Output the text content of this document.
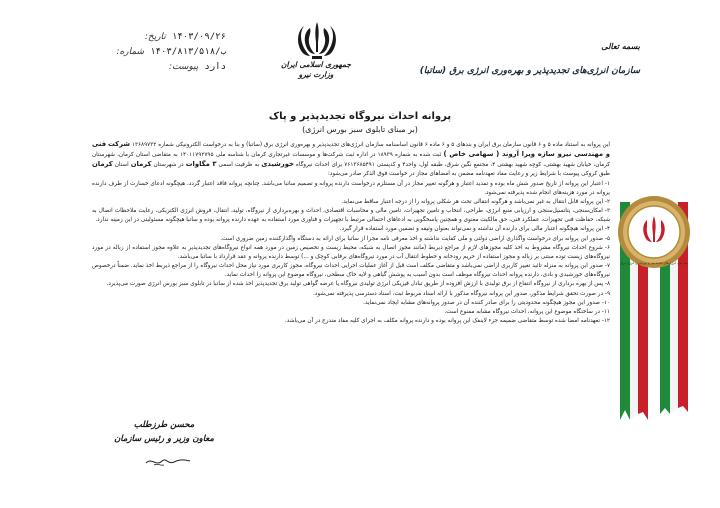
تاریخ: ۱۴۰۳/۰۹/۲۶
شماره: ۱۴۰۳/۸۱۳/ب/۵۱۸
پیوست: دارد	جمهوری اسلامی ایران
وزارت نیرو
بسمه تعالی
سازمان انرژی‌های تجدیدپذیر و بهره‌وری انرژی برق (ساتبا)
پروانه احداث نیروگاه تجدیدپذیر و پاک
(بر مبنای تابلوی سبز بورس انرژی)

این پروانه به استناد ماده ۵ و ۶ قانون سازمان برق ایران و بندهای ۵ و ۶ ماده ۶ قانون اساسنامه سازمان انرژی‌های تجدیدپذیر و بهره‌وری انرژی برق (ساتبا) و بنا به درخواست الکترونیکی شماره ۱۳۶۸۹۷۳۲ شرکت فنی و مهندسی نیرو سازه ویرا آروند ( سهامی خاص ) ثبت شده به شماره ۱۸۹۳۹ در اداره ثبت شرکت‌ها و موسسات غیرتجاری کرمان با شناسه ملی ۱۴۰۱۱۷۹۲۷۹۵ به متقاضی استان کرمان، شهرستان کرمان، خیابان شهید بهشتی، کوچه شهید بهشتی ۴، مجتمع نگین شرق، طبقه اول، واحد۴ و کدپستی ۷۶۱۳۶۸۵۴۹۱ برای احداث نیروگاه خورشیدی به ظرفیت اسمی ۳ مگاوات در شهرستان کرمان استان کرمان طبق کروکی پیوست با شرایط زیر و رعایت مفاد تعهدنامه مضمن به امضاهای مجاز در خواست فوق الذکر صادر می‌شود:

۱- اعتبار این پروانه از تاریخ صدور شش ماه بوده و تمدید اعتبار و هرگونه تغییر مجاز در آن مستلزم درخواست دارنده پروانه و تصمیم ساتبا می‌باشد. چنانچه پروانه فاقد اعتبار گردد، هیچگونه ادعای خسارت از طرف دارنده پروانه در مورد هزینه‌های انجام شده پذیرفته نمی‌شود.

۲- این پروانه قابل انتقال به غیر نمی‌باشد و هرگونه انتقالی تحت هر شکلی پروانه را از درجه اعتبار ساقط می‌نماید.

۳- امکان‌سنجی، پتانسیل‌سنجی و ارزیابی منبع انرژی، طراحی، انتخاب و تامین تجهیزات، تامین مالی و محاسبات اقتصادی، احداث و بهره‌برداری از نیروگاه، تولید، انتقال، فروش انرژی الکتریکی، رعایت ملاحظات اتصال به شبکه، حفاظت فنی تجهیزات، عملکرد فنی، حق مالکیت معنوی و همچنین پاسخگویی به ادعاهای احتمالی مرتبط با تجهیزات و فناوری مورد استفاده به عهده دارنده پروانه بوده و ساتبا هیچگونه مسئولیتی در این زمینه ندارد.

۴- این پروانه هیچگونه اعتبار مالی برای دارنده آن نداشته و نمی‌تواند بعنوان وثیقه و تضمین مورد استفاده قرار گیرد.

۵- صدور این پروانه برای درخواست واگذاری اراضی دولتی و ملی کفایت نداشته و اخذ معرفی نامه مجزا از ساتبا برای ارائه به دستگاه واگذارکننده زمین ضروری است.

۶- شروع احداث نیروگاه مشروط به اخذ کلیه مجوزهای لازم از مراجع ذیربط (مانند مجوز اتصال به شبکه، محیط زیست و تخصیص زمین در مورد همه انواع نیروگاه‌های تجدیدپذیر به علاوه مجوز استفاده از زباله در مورد نیروگاه‌های زیست توده مبتنی بر زباله و مجوز استفاده از حریم رودخانه و خطوط انتقال آب در مورد نیروگاه‌های برقابی کوچک و ...) توسط دارنده پروانه و عقد قرارداد با ساتبا می‌باشد.

۷- صدور این پروانه به منزله تائید تغییر کاربری اراضی نمی‌باشد و متقاضی مکلف است قبل از آغاز عملیات اجرایی احداث نیروگاه، مجوز کاربری مورد نیاز محل احداث نیروگاه را از مراجع ذیربط اخذ نماید. ضمناً درخصوص نیروگاه‌های خورشیدی و بادی، دارنده پروانه احداث نیروگاه موظف است بدون آسیب به پوشش گیاهی و لایه خاک سطحی، نیروگاه موضوع این پروانه را احداث نماید.

۸- پس از بهره برداری از نیروگاه انتفاع از برق تولیدی با ارزش افزوده از طریق تبادل فیزیکی انرژی تولیدی نیروگاه یا عرضه گواهی تولید برق تجدیدپذیر اخذ شده از ساتبا در تابلوی سبز بورس انرژی صورت می‌پذیرد.

۹- در صورت تحقق شرایط مذکور، صدور این پروانه نیروگاه مذکور با ارائه اسناد مربوط ثبت، اسناد دسترسی پذیرفته نمی‌شود.

۱۰- صدور این مجوز هیچگونه محدودیتی را برای صادر کننده آن در صدور پروانه‌های مشابه ایجاد نمی‌نماید.

۱۱- در ساختگاه موضوع این پروانه، احداث نیروگاه مشابه ممنوع است.

۱۲- تعهدنامه امضا شده توسط متقاضی ضمیمه جزء لاینفک این پروانه بوده و دارنده پروانه مکلف به اجرای کلیه مفاد مندرج در آن می‌باشد.

سازمان انرژی‌های تجدیدپذیر و بهره‌وری انرژی برق
محسن طرزطلب
معاون وزیر و رئیس سازمان
